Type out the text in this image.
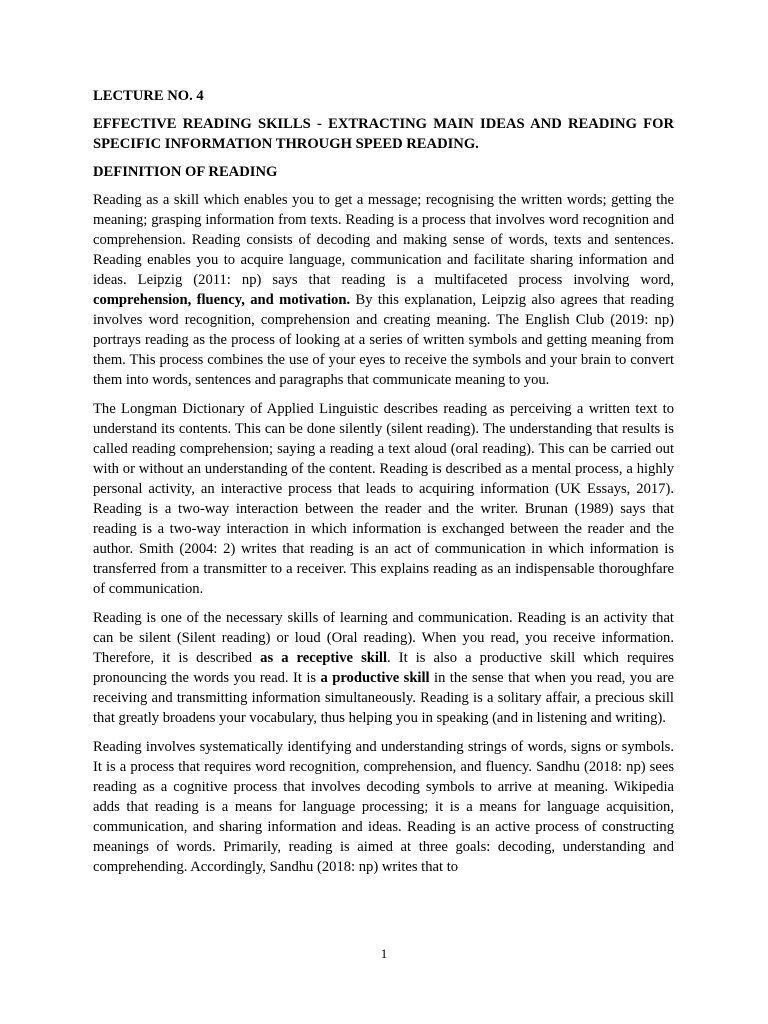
LECTURE NO. 4
EFFECTIVE READING SKILLS - EXTRACTING MAIN IDEAS AND READING FOR SPECIFIC INFORMATION THROUGH SPEED READING.
DEFINITION OF READING

Reading as a skill which enables you to get a message; recognising the written words; getting the meaning; grasping information from texts. Reading is a process that involves word recognition and comprehension. Reading consists of decoding and making sense of words, texts and sentences. Reading enables you to acquire language, communication and facilitate sharing information and ideas. Leipzig (2011: np) says that reading is a multifaceted process involving word, comprehension, fluency, and motivation. By this explanation, Leipzig also agrees that reading involves word recognition, comprehension and creating meaning. The English Club (2019: np) portrays reading as the process of looking at a series of written symbols and getting meaning from them. This process combines the use of your eyes to receive the symbols and your brain to convert them into words, sentences and paragraphs that communicate meaning to you.

The Longman Dictionary of Applied Linguistic describes reading as perceiving a written text to understand its contents. This can be done silently (silent reading). The understanding that results is called reading comprehension; saying a reading a text aloud (oral reading). This can be carried out with or without an understanding of the content. Reading is described as a mental process, a highly personal activity, an interactive process that leads to acquiring information (UK Essays, 2017). Reading is a two-way interaction between the reader and the writer. Brunan (1989) says that reading is a two-way interaction in which information is exchanged between the reader and the author. Smith (2004: 2) writes that reading is an act of communication in which information is transferred from a transmitter to a receiver. This explains reading as an indispensable thoroughfare of communication.

Reading is one of the necessary skills of learning and communication. Reading is an activity that can be silent (Silent reading) or loud (Oral reading). When you read, you receive information. Therefore, it is described as a receptive skill. It is also a productive skill which requires pronouncing the words you read. It is a productive skill in the sense that when you read, you are receiving and transmitting information simultaneously. Reading is a solitary affair, a precious skill that greatly broadens your vocabulary, thus helping you in speaking (and in listening and writing).

Reading involves systematically identifying and understanding strings of words, signs or symbols. It is a process that requires word recognition, comprehension, and fluency. Sandhu (2018: np) sees reading as a cognitive process that involves decoding symbols to arrive at meaning. Wikipedia adds that reading is a means for language processing; it is a means for language acquisition, communication, and sharing information and ideas. Reading is an active process of constructing meanings of words. Primarily, reading is aimed at three goals: decoding, understanding and comprehending. Accordingly, Sandhu (2018: np) writes that to

1
